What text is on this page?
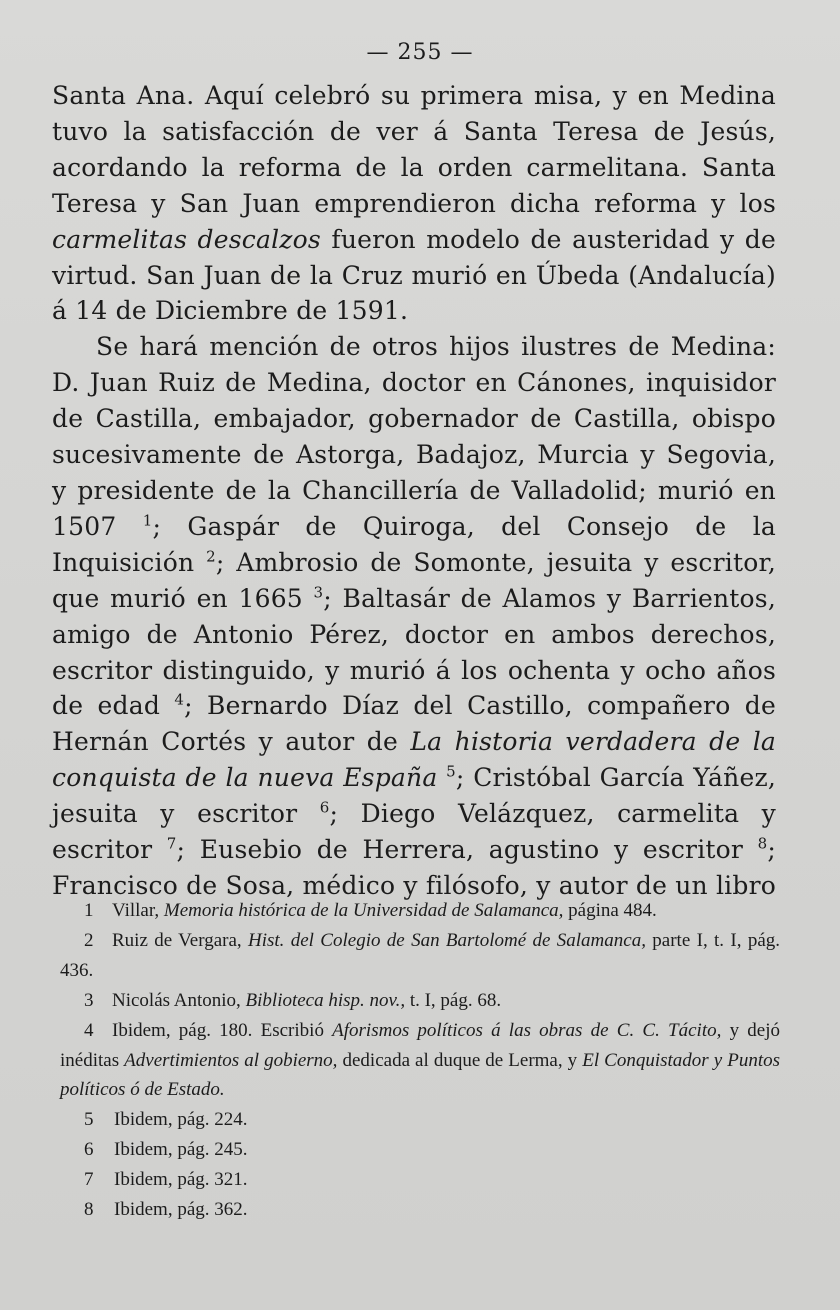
— 255 —

Santa Ana. Aquí celebró su primera misa, y en Medina tuvo la satisfacción de ver á Santa Teresa de Jesús, acordando la reforma de la orden carmelitana. Santa Teresa y San Juan emprendieron dicha reforma y los carmelitas descalzos fueron modelo de austeridad y de virtud. San Juan de la Cruz murió en Úbeda (Andalucía) á 14 de Diciembre de 1591.

Se hará mención de otros hijos ilustres de Medina: D. Juan Ruiz de Medina, doctor en Cánones, inquisidor de Castilla, embajador, gobernador de Castilla, obispo sucesivamente de Astorga, Badajoz, Murcia y Segovia, y presidente de la Chancillería de Valladolid; murió en 1507 $^1$; Gaspár de Quiroga, del Consejo de la Inquisición $^2$; Ambrosio de Somonte, jesuita y escritor, que murió en 1665 $^3$; Baltasár de Alamos y Barrientos, amigo de Antonio Pérez, doctor en ambos derechos, escritor distinguido, y murió á los ochenta y ocho años de edad $^4$; Bernardo Díaz del Castillo, compañero de Hernán Cortés y autor de La historia verdadera de la conquista de la nueva España $^5$; Cristóbal García Yáñez, jesuita y escritor $^6$; Diego Velázquez, carmelita y escritor $^7$; Eusebio de Herrera, agustino y escritor $^8$; Francisco de Sosa, médico y filósofo, y autor de un libro

1 Villar, Memoria histórica de la Universidad de Salamanca, página 484.

2 Ruiz de Vergara, Hist. del Colegio de San Bartolomé de Salamanca, parte I, t. I, pág. 436.

3 Nicolás Antonio, Biblioteca hisp. nov., t. I, pág. 68.

4 Ibidem, pág. 180. Escribió Aforismos políticos á las obras de C. C. Tácito, y dejó inéditas Advertimientos al gobierno, dedicada al duque de Lerma, y El Conquistador y Puntos políticos ó de Estado.

5 Ibidem, pág. 224.

6 Ibidem, pág. 245.

7 Ibidem, pág. 321.

8 Ibidem, pág. 362.
